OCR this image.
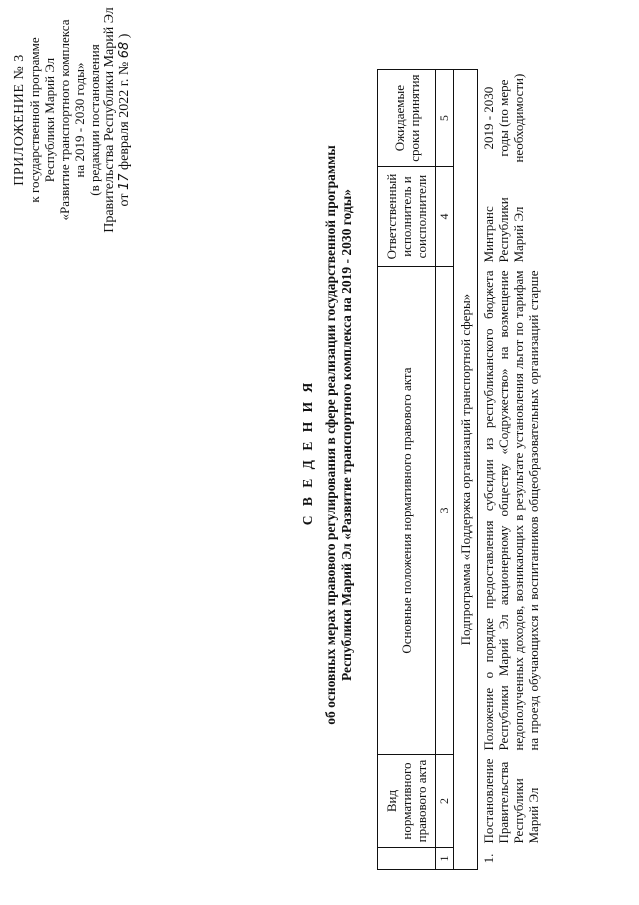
ПРИЛОЖЕНИЕ № 3 к государственной программе Республики Марий Эл «Развитие транспортного комплекса на 2019 - 2030 годы» (в редакции постановления Правительства Республики Марий Эл от 17 февраля 2022 г. № 68 )
С В Е Д Е Н И Я об основных мерах правового регулирования в сфере реализации государственной программы Республики Марий Эл «Развитие транспортного комплекса на 2019 - 2030 годы»
	Вид нормативного правового акта	Основные положения нормативного правового акта	Ответственный исполнитель и соисполнители	Ожидаемые сроки принятия
1	2	3	4	5
Подпрограмма «Поддержка организаций транспортной сферы»				
1.	Постановление Правительства Республики Марий Эл	Положение о порядке предоставления субсидии из республиканского бюджета Республики Марий Эл акционерному обществу «Содружество» на возмещение недополученных доходов, возникающих в результате установления льгот по тарифам на проезд обучающихся и воспитанников общеобразовательных организаций старше	Минтранс Республики Марий Эл	2019 - 2030 годы (по мере необходимости)
